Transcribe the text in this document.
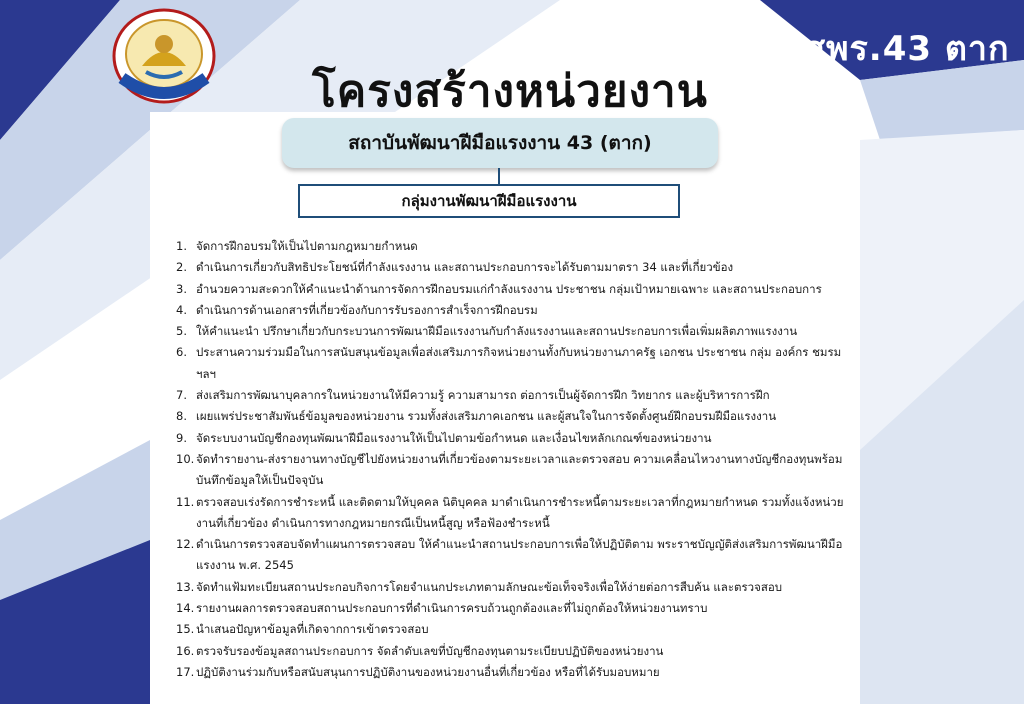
สพร.43 ตาก
โครงสร้างหน่วยงาน
สถาบันพัฒนาฝีมือแรงงาน 43 (ตาก)
กลุ่มงานพัฒนาฝีมือแรงงาน
1. จัดการฝึกอบรมให้เป็นไปตามกฎหมายกำหนด
2. ดำเนินการเกี่ยวกับสิทธิประโยชน์ที่กำลังแรงงาน และสถานประกอบการจะได้รับตามมาตรา 34 และที่เกี่ยวข้อง
3. อำนวยความสะดวกให้คำแนะนำด้านการจัดการฝึกอบรมแก่กำลังแรงงาน ประชาชน กลุ่มเป้าหมายเฉพาะ และสถานประกอบการ
4. ดำเนินการด้านเอกสารที่เกี่ยวข้องกับการรับรองการสำเร็จการฝึกอบรม
5. ให้คำแนะนำ ปรึกษาเกี่ยวกับกระบวนการพัฒนาฝีมือแรงงานกับกำลังแรงงานและสถานประกอบการเพื่อเพิ่มผลิตภาพแรงงาน
6. ประสานความร่วมมือในการสนับสนุนข้อมูลเพื่อส่งเสริมภารกิจหน่วยงานทั้งกับหน่วยงานภาครัฐ เอกชน ประชาชน กลุ่ม องค์กร ชมรม ฯลฯ
7. ส่งเสริมการพัฒนาบุคลากรในหน่วยงานให้มีความรู้ ความสามารถ ต่อการเป็นผู้จัดการฝึก วิทยากร และผู้บริหารการฝึก
8. เผยแพร่ประชาสัมพันธ์ข้อมูลของหน่วยงาน รวมทั้งส่งเสริมภาคเอกชน และผู้สนใจในการจัดตั้งศูนย์ฝึกอบรมฝีมือแรงงาน
9. จัดระบบงานบัญชีกองทุนพัฒนาฝีมือแรงงานให้เป็นไปตามข้อกำหนด และเงื่อนไขหลักเกณฑ์ของหน่วยงาน
10. จัดทำรายงาน-ส่งรายงานทางบัญชีไปยังหน่วยงานที่เกี่ยวข้องตามระยะเวลาและตรวจสอบ ความเคลื่อนไหวงานทางบัญชีกองทุนพร้อมบันทึกข้อมูลให้เป็นปัจจุบัน
11. ตรวจสอบเร่งรัดการชำระหนี้ และติดตามให้บุคคล นิติบุคคล มาดำเนินการชำระหนี้ตามระยะเวลาที่กฎหมายกำหนด รวมทั้งแจ้งหน่วยงานที่เกี่ยวข้อง ดำเนินการทางกฎหมายกรณีเป็นหนี้สูญ หรือฟ้องชำระหนี้
12. ดำเนินการตรวจสอบจัดทำแผนการตรวจสอบ ให้คำแนะนำสถานประกอบการเพื่อให้ปฏิบัติตาม พระราชบัญญัติส่งเสริมการพัฒนาฝีมือแรงงาน พ.ศ. 2545
13. จัดทำแฟ้มทะเบียนสถานประกอบกิจการโดยจำแนกประเภทตามลักษณะข้อเท็จจริงเพื่อให้ง่ายต่อการสืบค้น และตรวจสอบ
14. รายงานผลการตรวจสอบสถานประกอบการที่ดำเนินการครบถ้วนถูกต้องและที่ไม่ถูกต้องให้หน่วยงานทราบ
15. นำเสนอปัญหาข้อมูลที่เกิดจากการเข้าตรวจสอบ
16. ตรวจรับรองข้อมูลสถานประกอบการ จัดลำดับเลขที่บัญชีกองทุนตามระเบียบปฏิบัติของหน่วยงาน
17. ปฏิบัติงานร่วมกับหรือสนับสนุนการปฏิบัติงานของหน่วยงานอื่นที่เกี่ยวข้อง หรือที่ได้รับมอบหมาย
